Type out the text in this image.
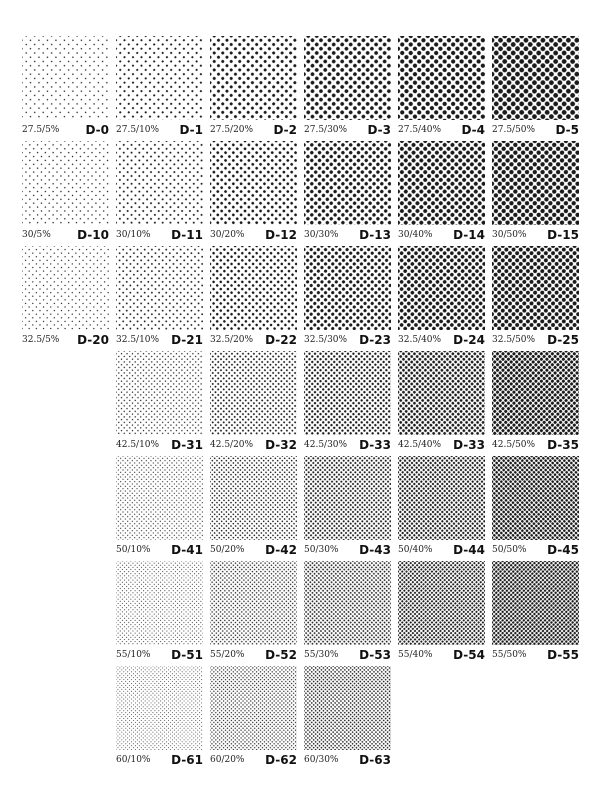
27.5/5% D-0 27.5/10% D-1 27.5/20% D-2 27.5/30% D-3 27.5/40% D-4 27.5/50% D-5
30/5% D-10 30/10% D-11 30/20% D-12 30/30% D-13 30/40% D-14 30/50% D-15
32.5/5% D-20 32.5/10% D-21 32.5/20% D-22 32.5/30% D-23 32.5/40% D-24 32.5/50% D-25
42.5/10% D-31 42.5/20% D-32 42.5/30% D-33 42.5/40% D-33 42.5/50% D-35
50/10% D-41 50/20% D-42 50/30% D-43 50/40% D-44 50/50% D-45
55/10% D-51 55/20% D-52 55/30% D-53 55/40% D-54 55/50% D-55
60/10% D-61 60/20% D-62 60/30% D-63
